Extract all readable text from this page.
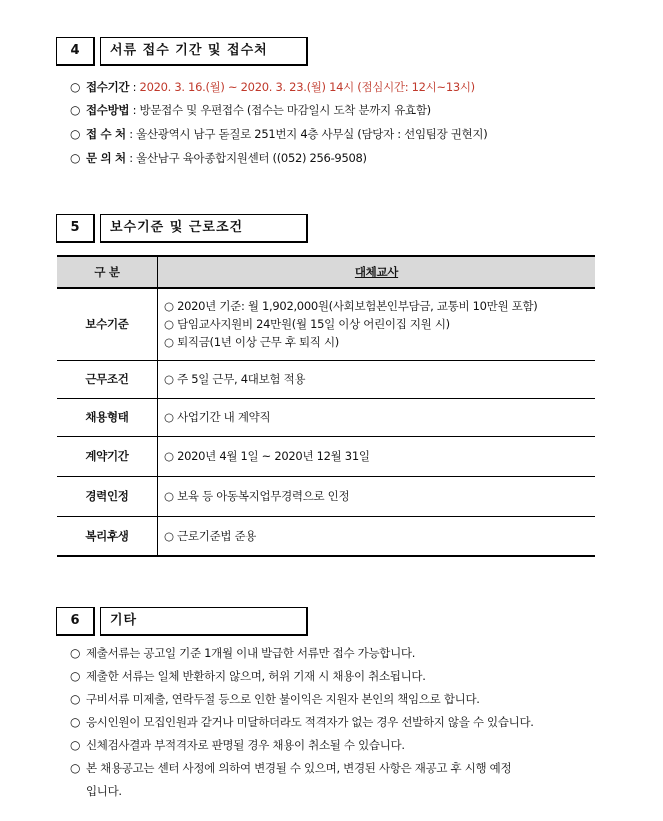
4	서류 접수 기간 및 접수처
○ 접수기간 : 2020. 3. 16.(월) ~ 2020. 3. 23.(월) 14시 (점심시간: 12시~13시)
○ 접수방법 : 방문접수 및 우편접수 (접수는 마감일시 도착 분까지 유효함)
○ 접 수 처 : 울산광역시 남구 돋질로 251번지 4층 사무실 (담당자 : 선임팀장 권현지)
○ 문 의 처 : 울산남구 육아종합지원센터 ((052) 256-9508)
5	보수기준 및 근로조건
구 분	대체교사
보수기준	○ 2020년 기준: 월 1,902,000원(사회보험본인부담금, 교통비 10만원 포함)
○ 담임교사지원비 24만원(월 15일 이상 어린이집 지원 시)
○ 퇴직금(1년 이상 근무 후 퇴직 시)

근무조건	○ 주 5일 근무, 4대보험 적용

채용형태	○ 사업기간 내 계약직

계약기간	○ 2020년 4월 1일 ~ 2020년 12월 31일

경력인정	○ 보육 등 아동복지업무경력으로 인정

복리후생	○ 근로기준법 준용
6	기타
○ 제출서류는 공고일 기준 1개월 이내 발급한 서류만 접수 가능합니다.
○ 제출한 서류는 일체 반환하지 않으며, 허위 기재 시 채용이 취소됩니다.
○ 구비서류 미제출, 연락두절 등으로 인한 불이익은 지원자 본인의 책임으로 합니다.
○ 응시인원이 모집인원과 같거나 미달하더라도 적격자가 없는 경우 선발하지 않을 수 있습니다.
○ 신체검사결과 부적격자로 판명될 경우 채용이 취소될 수 있습니다.
○ 본 채용공고는 센터 사정에 의하여 변경될 수 있으며, 변경된 사항은 재공고 후 시행 예정
입니다.
